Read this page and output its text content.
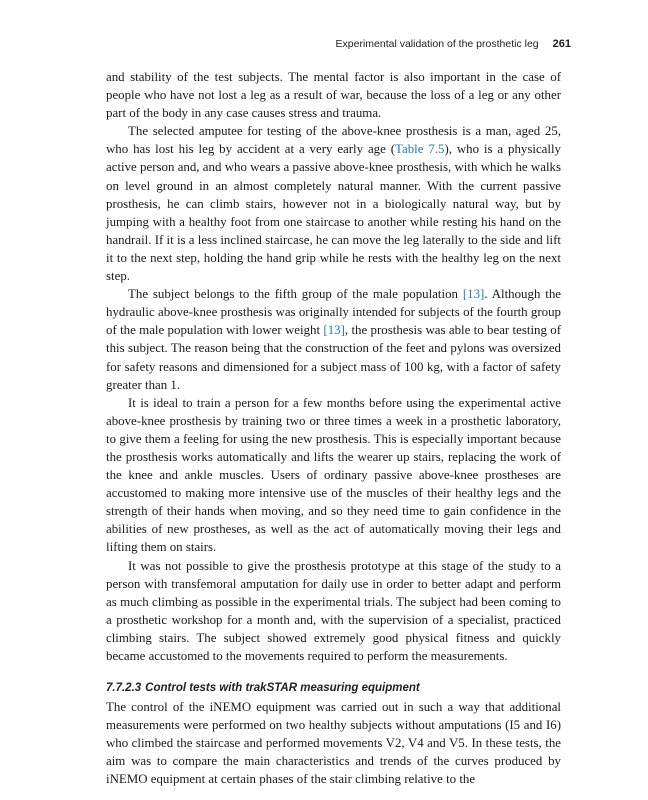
Experimental validation of the prosthetic leg 261

and stability of the test subjects. The mental factor is also important in the case of people who have not lost a leg as a result of war, because the loss of a leg or any other part of the body in any case causes stress and trauma.

The selected amputee for testing of the above-knee prosthesis is a man, aged 25, who has lost his leg by accident at a very early age (Table 7.5), who is a physically active person and, and who wears a passive above-knee prosthesis, with which he walks on level ground in an almost completely natural manner. With the current passive prosthesis, he can climb stairs, however not in a biologically natural way, but by jumping with a healthy foot from one staircase to another while resting his hand on the handrail. If it is a less inclined staircase, he can move the leg laterally to the side and lift it to the next step, holding the hand grip while he rests with the healthy leg on the next step.

The subject belongs to the fifth group of the male population [13]. Although the hydraulic above-knee prosthesis was originally intended for subjects of the fourth group of the male population with lower weight [13], the prosthesis was able to bear testing of this subject. The reason being that the construction of the feet and pylons was oversized for safety reasons and dimensioned for a subject mass of 100 kg, with a factor of safety greater than 1.

It is ideal to train a person for a few months before using the experimental active above-knee prosthesis by training two or three times a week in a prosthetic laboratory, to give them a feeling for using the new prosthesis. This is especially important because the prosthesis works automatically and lifts the wearer up stairs, replacing the work of the knee and ankle muscles. Users of ordinary passive above-knee prostheses are accustomed to making more intensive use of the muscles of their healthy legs and the strength of their hands when moving, and so they need time to gain confidence in the abilities of new prostheses, as well as the act of automatically moving their legs and lifting them on stairs.

It was not possible to give the prosthesis prototype at this stage of the study to a person with transfemoral amputation for daily use in order to better adapt and perform as much climbing as possible in the experimental trials. The subject had been coming to a prosthetic workshop for a month and, with the supervision of a specialist, practiced climbing stairs. The subject showed extremely good physical fitness and quickly became accustomed to the movements required to perform the measurements.

7.7.2.3 Control tests with trakSTAR measuring equipment

The control of the iNEMO equipment was carried out in such a way that additional measurements were performed on two healthy subjects without amputations (I5 and I6) who climbed the staircase and performed movements V2, V4 and V5. In these tests, the aim was to compare the main characteristics and trends of the curves produced by iNEMO equipment at certain phases of the stair climbing relative to the
